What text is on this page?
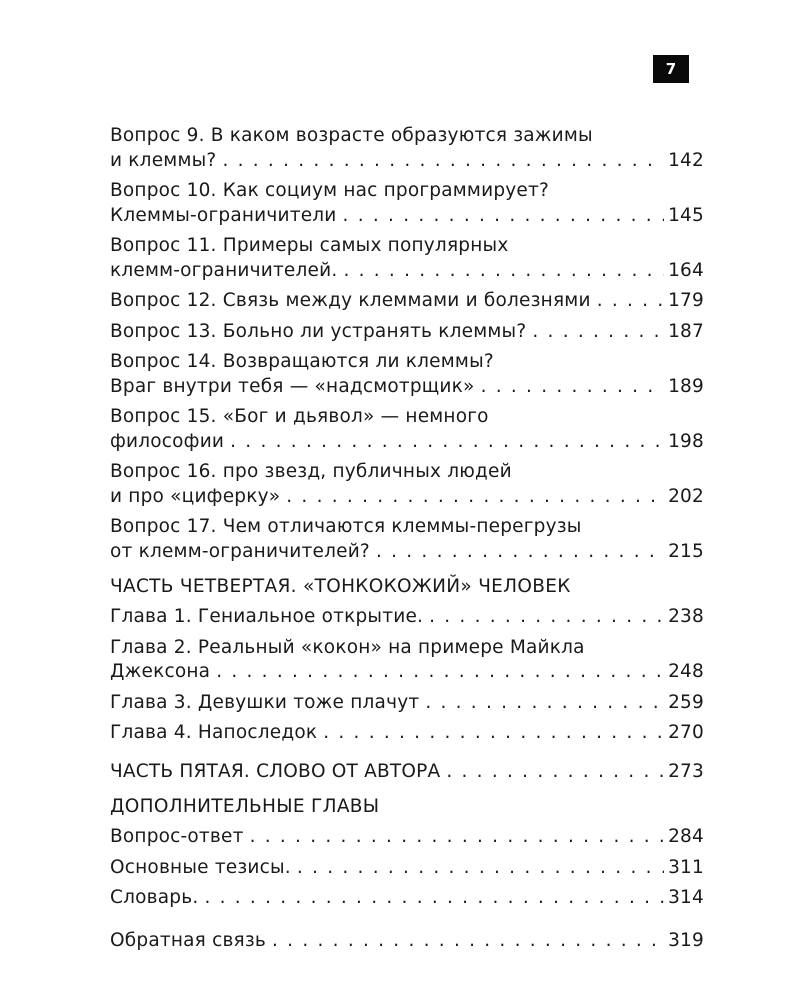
7
Вопрос 9. В каком возрасте образуются зажимы
и клеммы? . . .	142
Вопрос 10. Как социум нас программирует?
Клеммы-ограничители . . .	145
Вопрос 11. Примеры самых популярных
клемм-ограничителей. . . .	164
Вопрос 12. Связь между клеммами и болезнями . . .	179
Вопрос 13. Больно ли устранять клеммы? . . .	187
Вопрос 14. Возвращаются ли клеммы?
Враг внутри тебя — «надсмотрщик» . . .	189
Вопрос 15. «Бог и дьявол» — немного
философии . . .	198
Вопрос 16. про звезд, публичных людей
и про «циферку» . . .	202
Вопрос 17. Чем отличаются клеммы-перегрузы
от клемм-ограничителей? . . .	215
ЧАСТЬ ЧЕТВЕРТАЯ. «ТОНКОКОЖИЙ» ЧЕЛОВЕК
Глава 1. Гениальное открытие. . . .	238
Глава 2. Реальный «кокон» на примере Майкла
Джексона . . .	248
Глава 3. Девушки тоже плачут . . .	259
Глава 4. Напоследок . . .	270
ЧАСТЬ ПЯТАЯ. СЛОВО ОТ АВТОРА . . .	273
ДОПОЛНИТЕЛЬНЫЕ ГЛАВЫ
Вопрос-ответ . . .	284
Основные тезисы. . . .	311
Словарь. . . .	314
Обратная связь . . .	319
